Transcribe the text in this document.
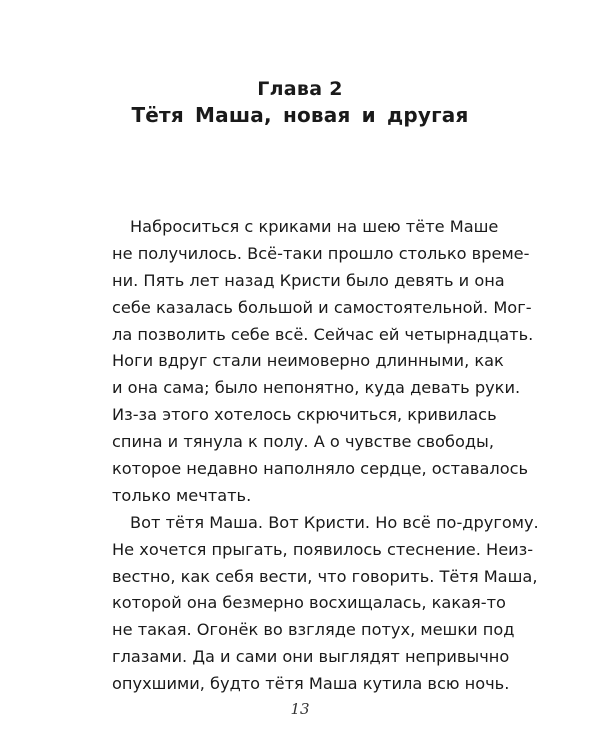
Глава 2
Тётя Маша, новая и другая
Наброситься с криками на шею тёте Маше
не получилось. Всё-таки прошло столько време-
ни. Пять лет назад Кристи было девять и она
себе казалась большой и самостоятельной. Мог-
ла позволить себе всё. Сейчас ей четырнадцать.
Ноги вдруг стали неимоверно длинными, как
и она сама; было непонятно, куда девать руки.
Из-за этого хотелось скрючиться, кривилась
спина и тянула к полу. А о чувстве свободы,
которое недавно наполняло сердце, оставалось
только мечтать.
Вот тётя Маша. Вот Кристи. Но всё по-другому.
Не хочется прыгать, появилось стеснение. Неиз-
вестно, как себя вести, что говорить. Тётя Маша,
которой она безмерно восхищалась, какая-то
не такая. Огонёк во взгляде потух, мешки под
глазами. Да и сами они выглядят непривычно
опухшими, будто тётя Маша кутила всю ночь.
13
